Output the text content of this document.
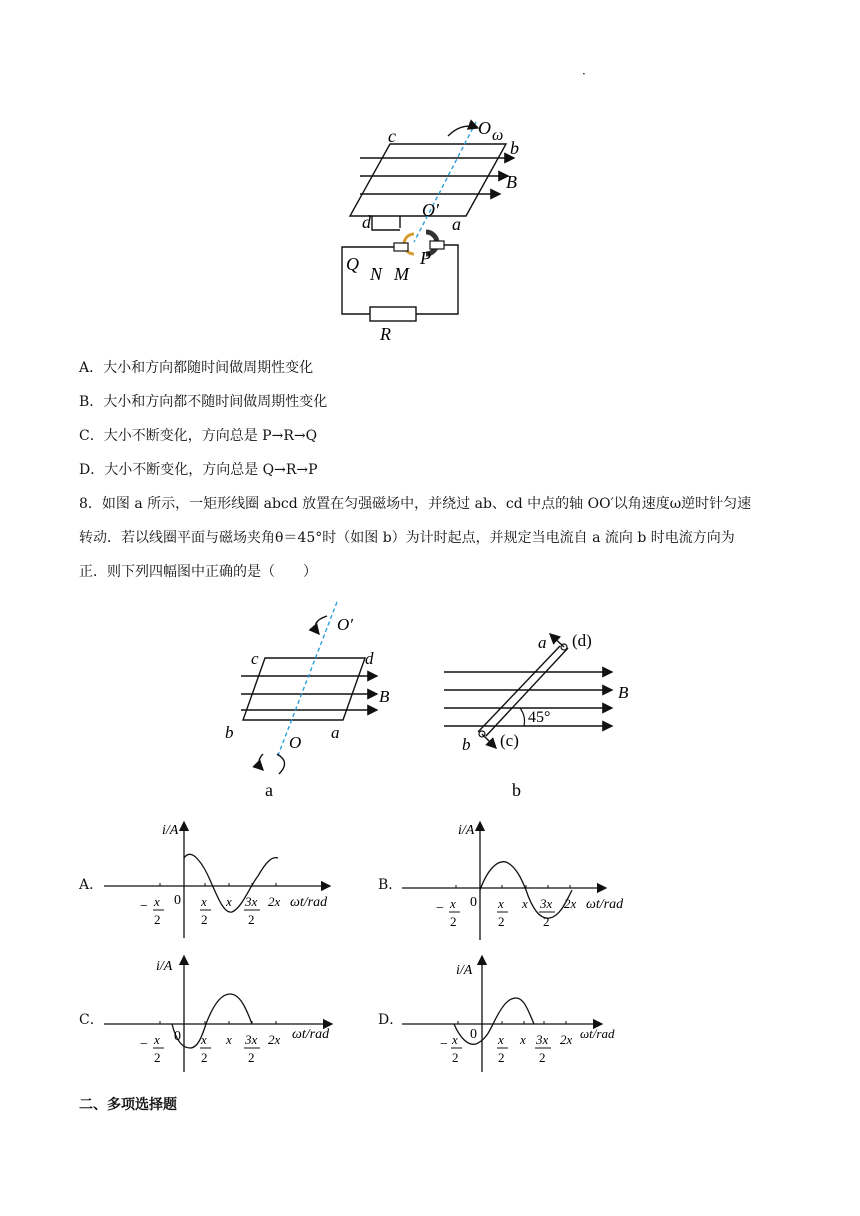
·
c	O ω
b
B
d
O′
a
Q N M
P
R
A．大小和方向都随时间做周期性变化
B．大小和方向都不随时间做周期性变化
C．大小不断变化，方向总是 P→R→Q
D．大小不断变化，方向总是 Q→R→P
8．如图 a 所示，一矩形线圈 abcd 放置在匀强磁场中，并绕过 ab、cd 中点的轴 OO′以角速度ω逆时针匀速
转动．若以线圈平面与磁场夹角θ＝45°时（如图 b）为计时起点，并规定当电流自 a 流向 b 时电流方向为
正．则下列四幅图中正确的是（　　）
c	d
b	a
O
O′
B
a
a (d)
b (c)
B
45°
b
A．
i/A
0
− x
2
x
2
x 3x
2
2x ωt/rad
B．
i/A
0
− x
2
x
2
x 3x
2
2x ωt/rad
C．
i/A
0
− x
2
x
2
x 3x
2
2x ωt/rad
D．
i/A
0
− x
2
x
2
x 3x
2
2x ωt/rad
二、多项选择题
